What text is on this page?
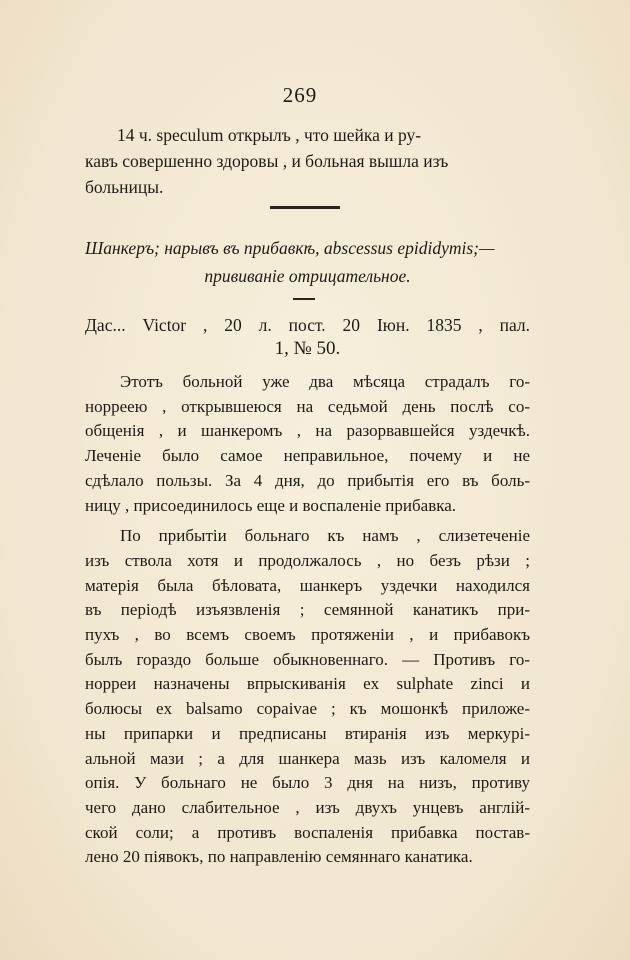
269
14 ч. speculum открылъ , что шейка и ру-
кавъ совершенно здоровы , и больная вышла изъ
больницы.
Шанкеръ; нарывъ въ прибавкѣ, abscessus epididymis;—
прививаніе отрицательное.
Дас... Victor , 20 л. пост. 20 Іюн. 1835 , пал.
1, № 50.
Этотъ больной уже два мѣсяца страдалъ го-
норреею , открывшеюся на седьмой день послѣ со-
общенія , и шанкеромъ , на разорвавшейся уздечкѣ.
Леченіе было самое неправильное, почему и не
сдѣлало пользы. За 4 дня, до прибытія его въ боль-
ницу , присоединилось еще и воспаленіе прибавка.
По прибытіи больнаго къ намъ , слизетеченіе
изъ ствола хотя и продолжалось , но безъ рѣзи ;
матерія была бѣловата, шанкеръ уздечки находился
въ періодѣ изъязвленія ; семянной канатикъ при-
пухъ , во всемъ своемъ протяженіи , и прибавокъ
былъ гораздо больше обыкновеннаго. — Противъ го-
норреи назначены впрыскиванія ex sulphate zinci и
болюсы ex balsamo copaivae ; къ мошонкѣ приложе-
ны припарки и предписаны втиранія изъ меркурі-
альной мази ; а для шанкера мазь изъ каломеля и
опія. У больнаго не было 3 дня на низъ, противу
чего дано слабительное , изъ двухъ унцевъ англій-
ской соли; а противъ воспаленія прибавка постав-
лено 20 піявокъ, по направленію семяннаго канатика.
